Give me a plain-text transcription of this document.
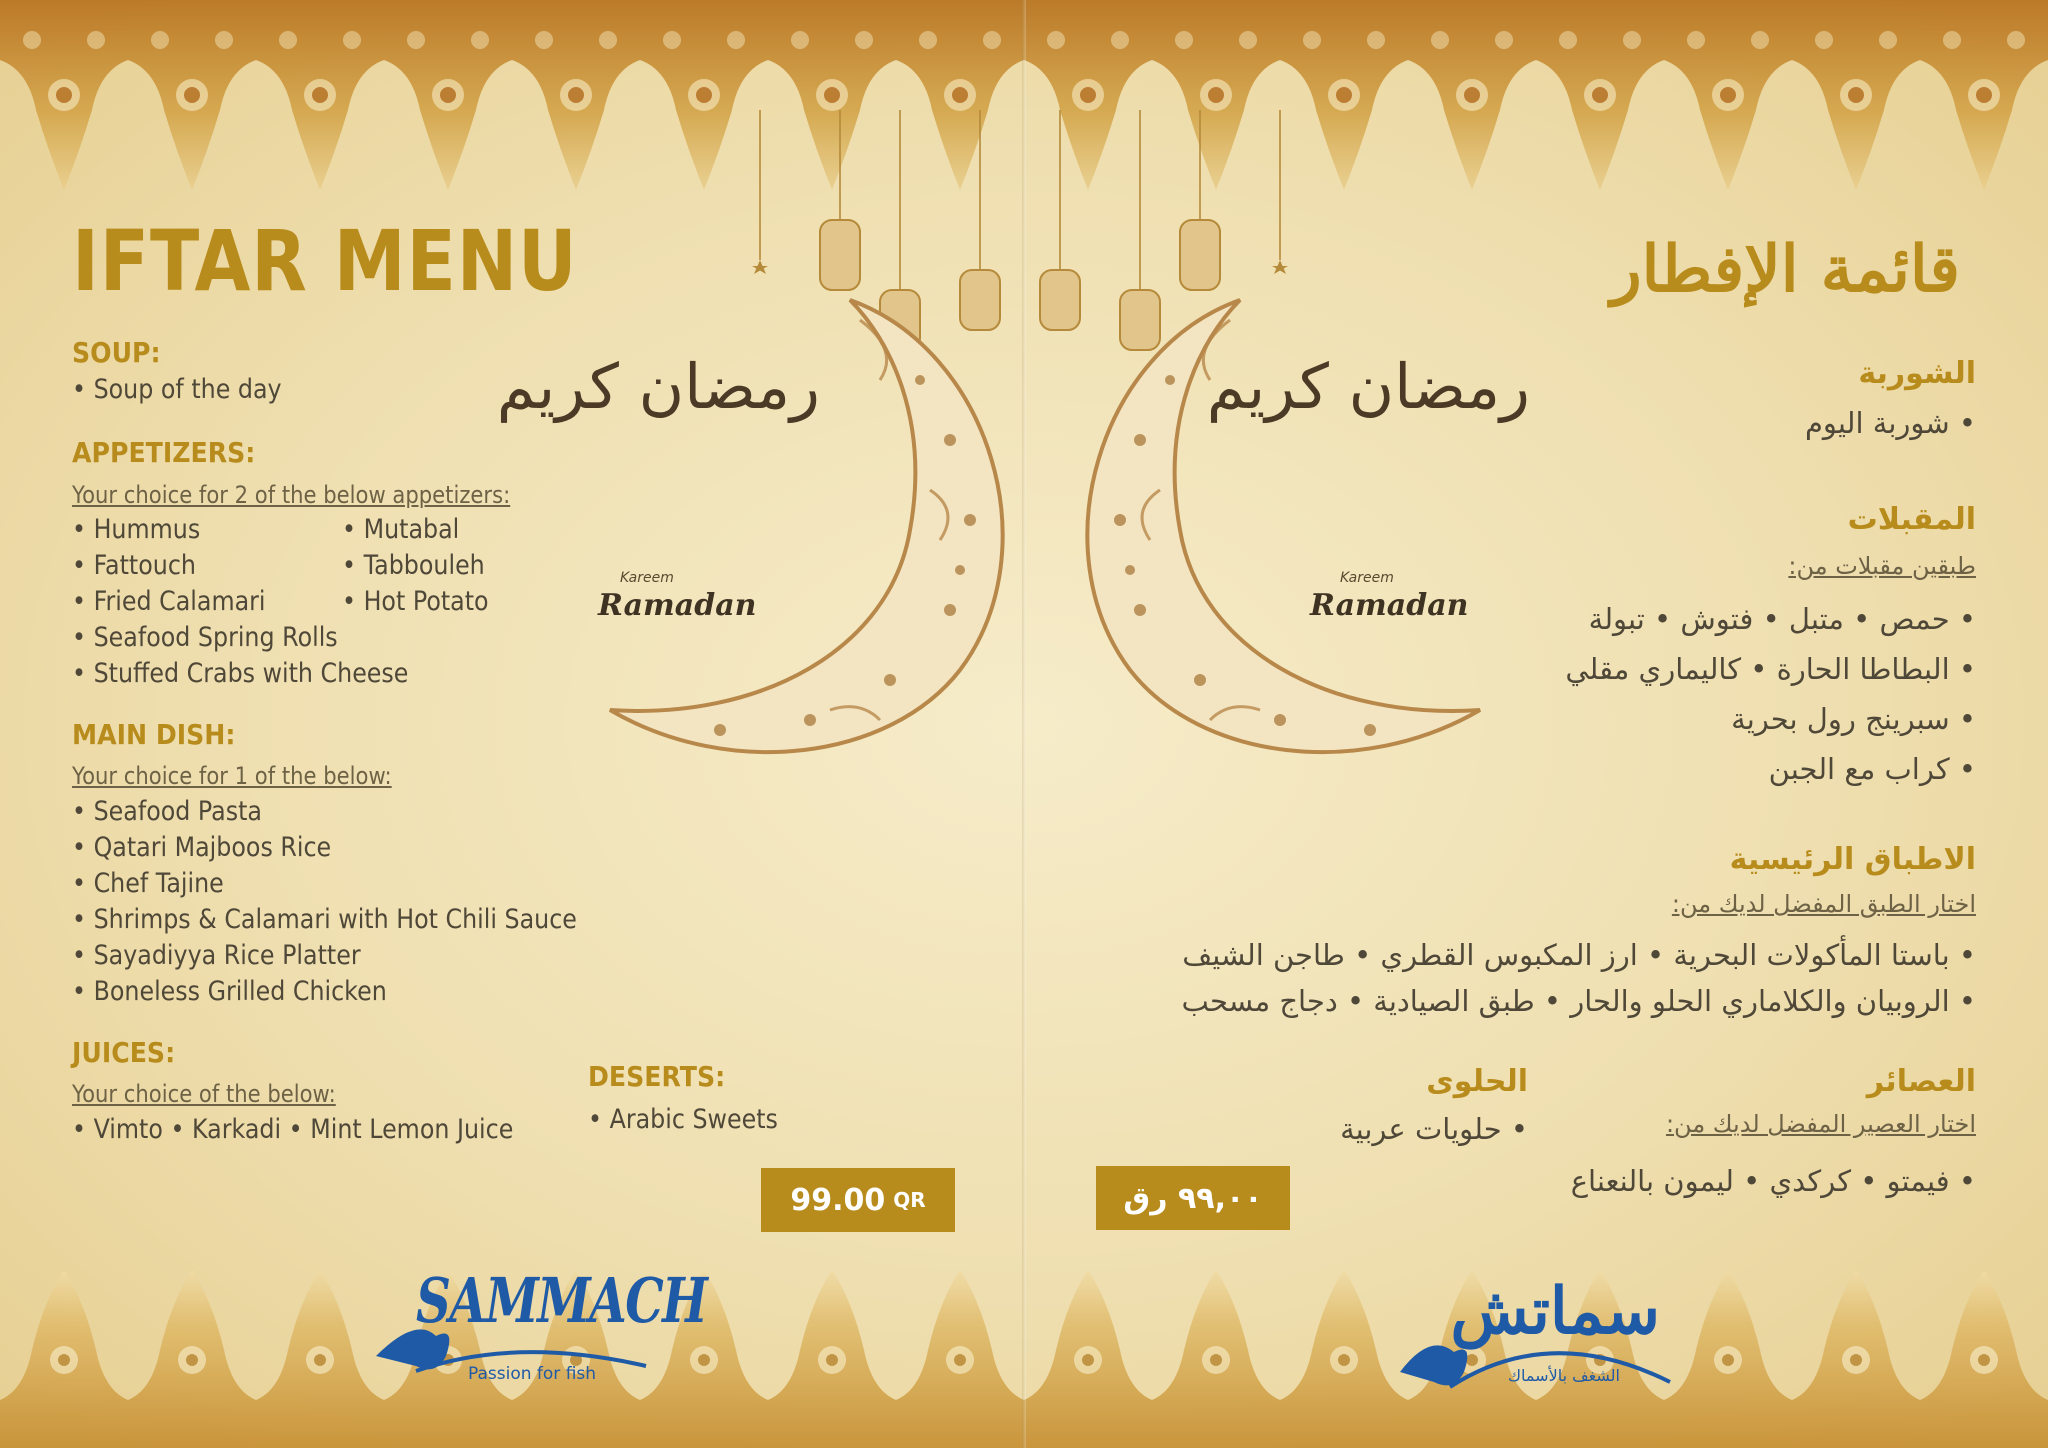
رمضان كريم
Kareem
Ramadan
رمضان كريم
Kareem
Ramadan
IFTAR MENU
SOUP:
• Soup of the day
APPETIZERS:
Your choice for 2 of the below appetizers:
• Hummus	• Mutabal
• Fattouch	• Tabbouleh
• Fried Calamari	• Hot Potato
• Seafood Spring Rolls
• Stuffed Crabs with Cheese
MAIN DISH:
Your choice for 1 of the below:
• Seafood Pasta
• Qatari Majboos Rice
• Chef Tajine
• Shrimps & Calamari with Hot Chili Sauce
• Sayadiyya Rice Platter
• Boneless Grilled Chicken
JUICES:
Your choice of the below:
• Vimto • Karkadi • Mint Lemon Juice
DESERTS:
• Arabic Sweets
99.00 QR
قائمة الإفطار
الشوربة
• شوربة اليوم
المقبلات
طبقين مقبلات من:
• حمص • متبل • فتوش • تبولة
• البطاطا الحارة • كاليماري مقلي
• سبرينج رول بحرية
• كراب مع الجبن
الاطباق الرئيسية
اختار الطبق المفضل لديك من:
• باستا المأكولات البحرية • ارز المكبوس القطري • طاجن الشيف
• الروبيان والكلاماري الحلو والحار • طبق الصيادية • دجاج مسحب
العصائر
اختار العصير المفضل لديك من:
• فيمتو • كركدي • ليمون بالنعناع
الحلوى
• حلويات عربية
٩٩,٠٠ رق
SAMMACH
Passion for fish
سماتش
الشغف بالأسماك
